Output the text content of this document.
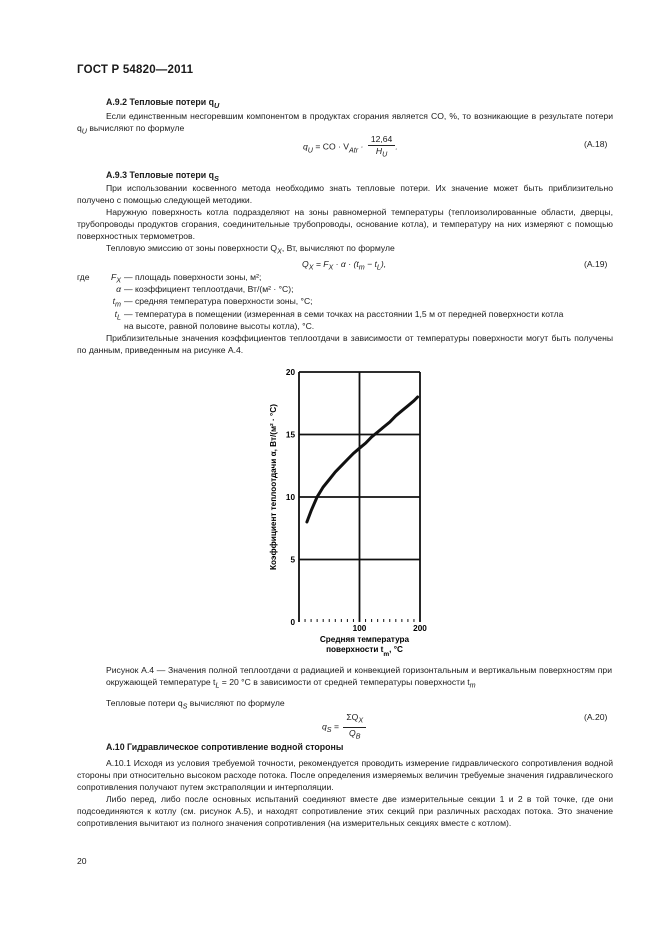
ГОСТ Р 54820—2011
А.9.2 Тепловые потери $q_U$
Если единственным несгоревшим компонентом в продуктах сгорания является CO, %, то возникающие в результате потери $q_U$ вычисляют по формуле
$q_U$ = CO · $V_{Atr} \cdot \frac{12,64}{H_U}$ .	(А.18)
А.9.3 Тепловые потери $q_S$
При использовании косвенного метода необходимо знать тепловые потери. Их значение может быть приблизительно получено с помощью следующей методики.
Наружную поверхность котла подразделяют на зоны равномерной температуры (теплоизолированные области, дверцы, трубопроводы продуктов сгорания, соединительные трубопроводы, основание котла), и температуру на них измеряют с помощью поверхностных термометров.
Тепловую эмиссию от зоны поверхности $Q_X$, Вт, вычисляют по формуле
$Q_X = F_X \cdot \alpha \cdot (t_m - t_L)$,	(А.19)
где $F_X$ — площадь поверхности зоны, м²;
α — коэффициент теплоотдачи, Вт/(м² · °C);
$t_m$ — средняя температура поверхности зоны, °C;
$t_L$ — температура в помещении (измеренная в семи точках на расстоянии 1,5 м от передней поверхности котла
на высоте, равной половине высоты котла), °C.
Приблизительные значения коэффициентов теплоотдачи в зависимости от температуры поверхности могут быть получены по данным, приведенным на рисунке А.4.
0
5
10
15
20
100	200
Коэффициент теплоотдачи α, Вт/(м² · °C)
Средняя температура
поверхности $t_m$, °C
Рисунок А.4 — Значения полной теплоотдачи α радиацией и конвекцией горизонтальным и вертикальным поверхностям при окружающей температуре $t_L = 20$ °C в зависимости от средней температуры поверхности $t_m$
Тепловые потери $q_S$ вычисляют по формуле
$q_S = \frac{\Sigma Q_X}{Q_B}$	(А.20)
А.10 Гидравлическое сопротивление водной стороны
А.10.1 Исходя из условия требуемой точности, рекомендуется проводить измерение гидравлического сопротивления водной стороны при относительно высоком расходе потока. После определения измеряемых величин требуемые значения гидравлического сопротивления получают путем экстраполяции и интерполяции.
Либо перед, либо после основных испытаний соединяют вместе две измерительные секции 1 и 2 в той точке, где они подсоединяются к котлу (см. рисунок А.5), и находят сопротивление этих секций при различных расходах потока. Это значение сопротивления вычитают из полного значения сопротивления (на измерительных секциях вместе с котлом).
20
